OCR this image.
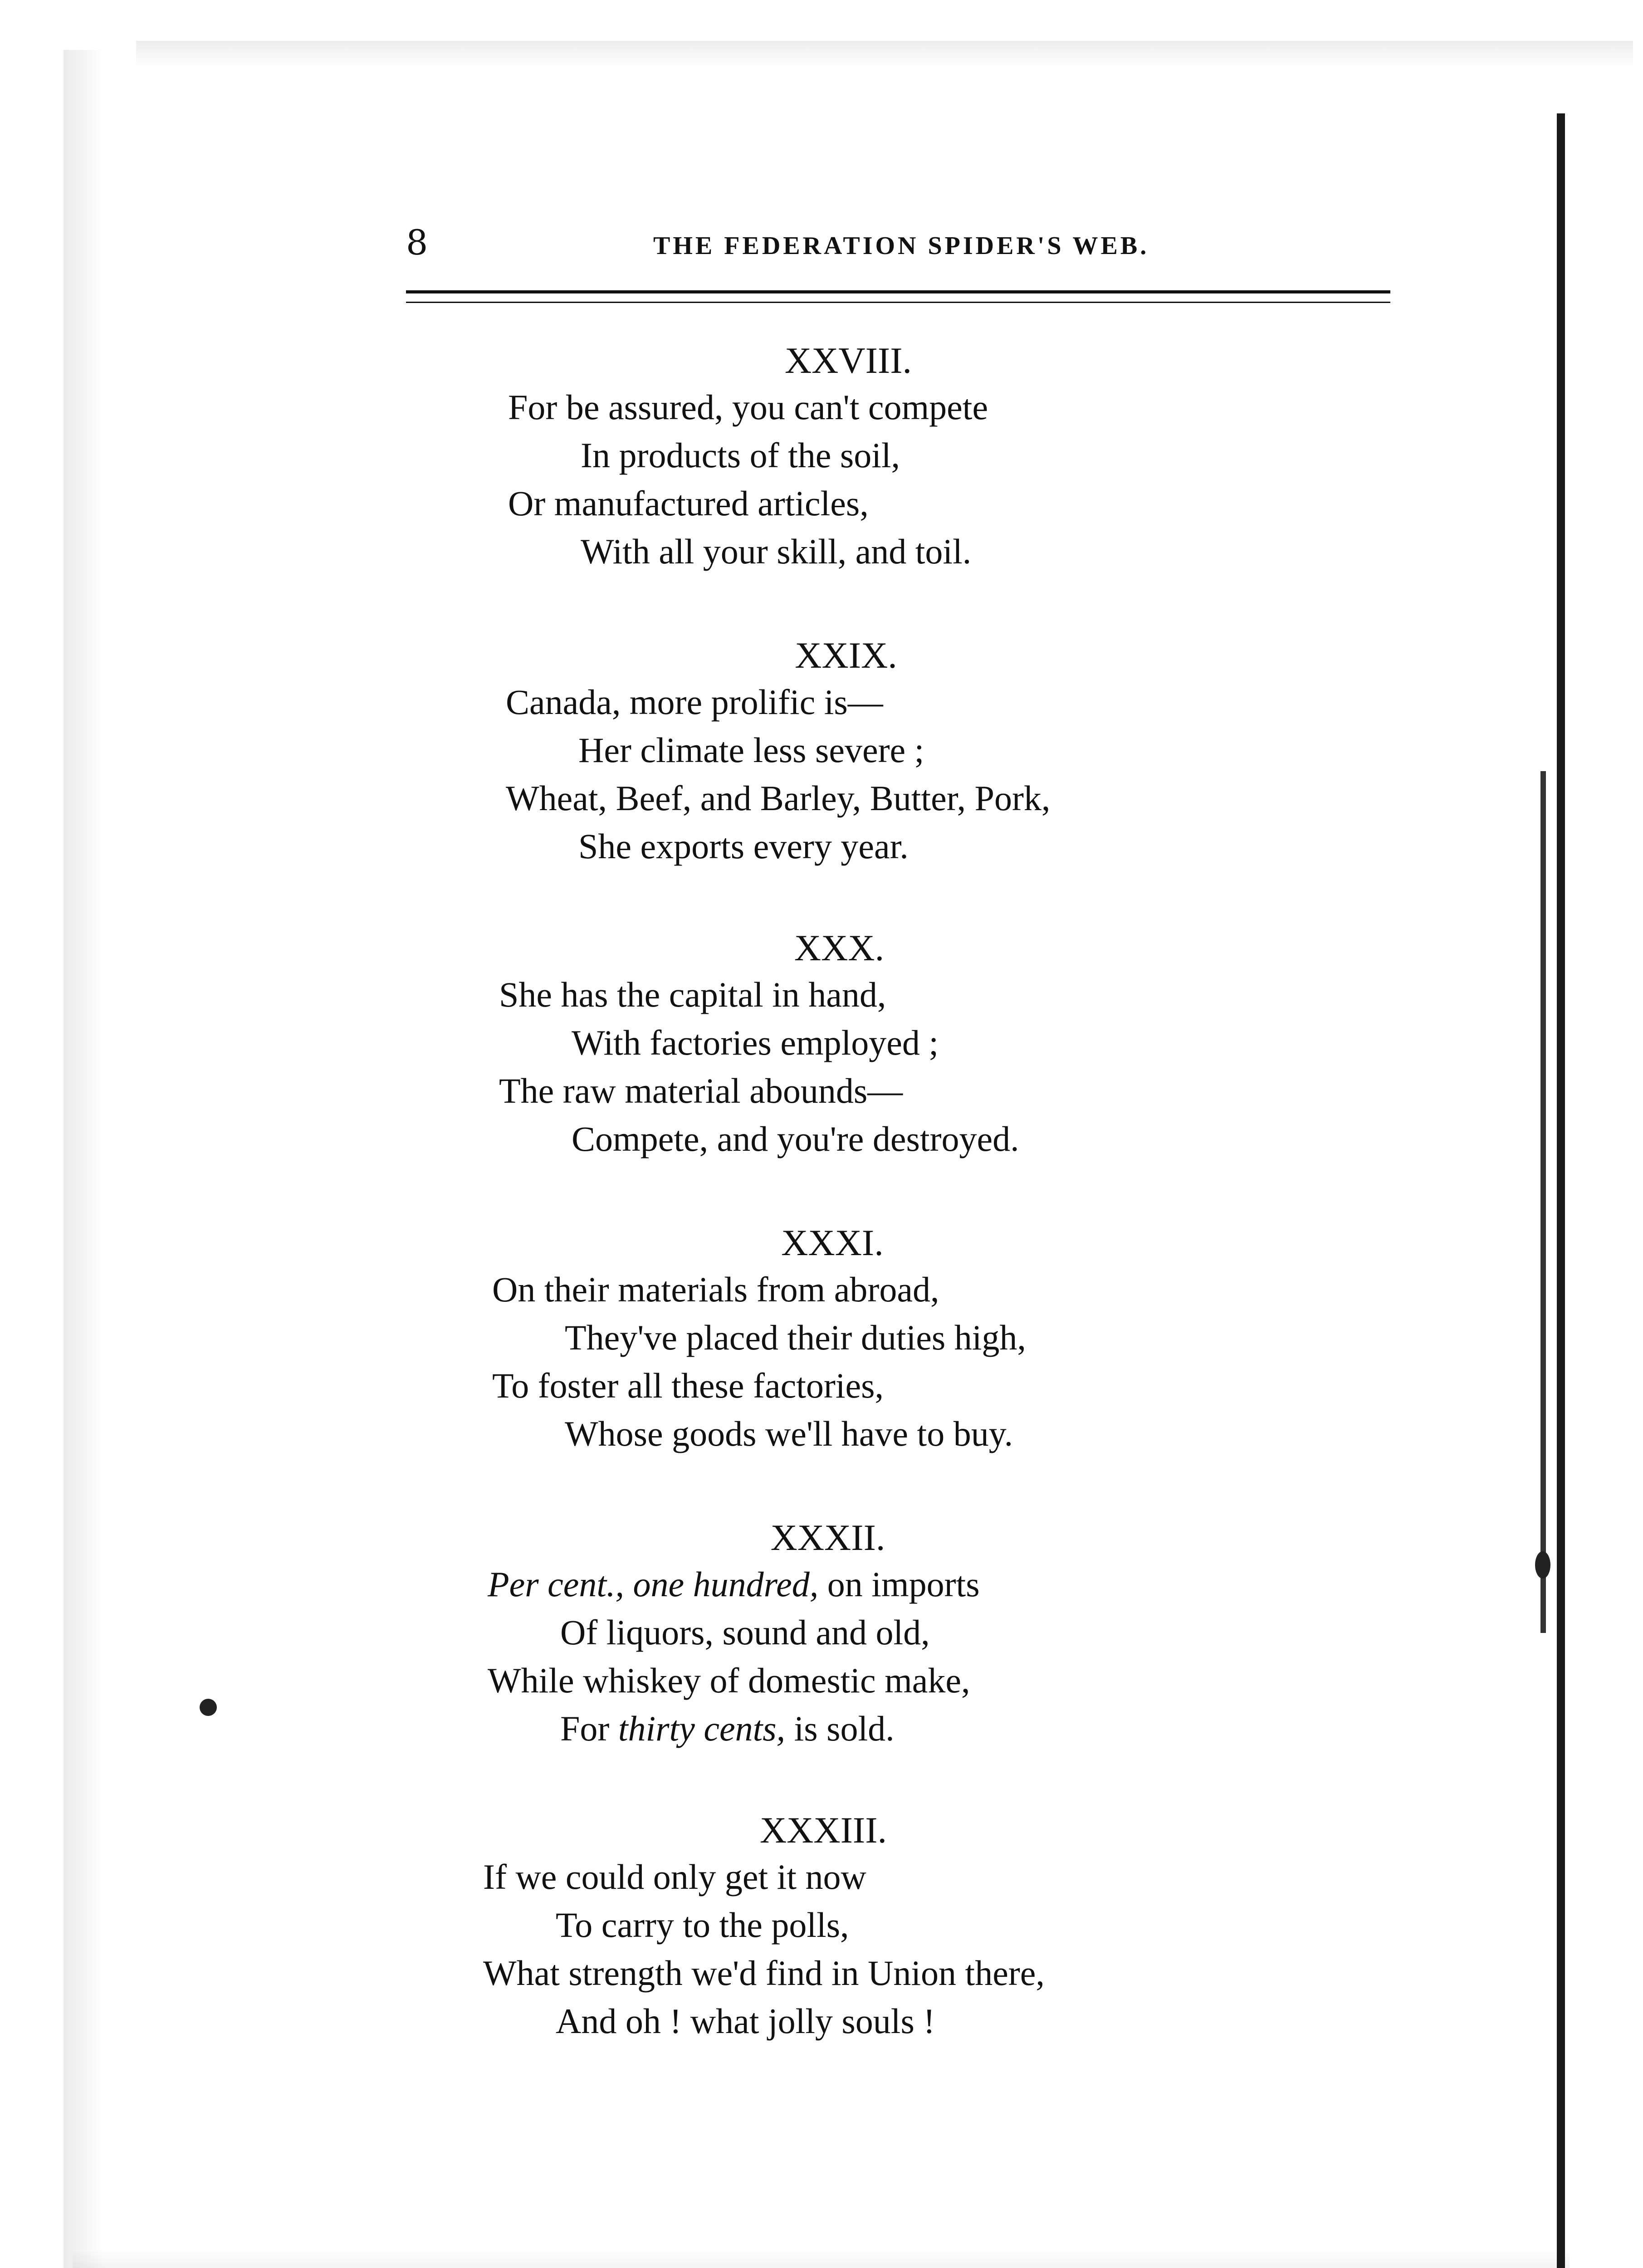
8	THE FEDERATION SPIDER'S WEB.
XXVIII.
For be assured, you can't compete
In products of the soil,
Or manufactured articles,
With all your skill, and toil.
XXIX.
Canada, more prolific is—
Her climate less severe ;
Wheat, Beef, and Barley, Butter, Pork,
She exports every year.
XXX.
She has the capital in hand,
With factories employed ;
The raw material abounds—
Compete, and you're destroyed.
XXXI.
On their materials from abroad,
They've placed their duties high,
To foster all these factories,
Whose goods we'll have to buy.
XXXII.
Per cent., one hundred, on imports
Of liquors, sound and old,
While whiskey of domestic make,
For thirty cents, is sold.
XXXIII.
If we could only get it now
To carry to the polls,
What strength we'd find in Union there,
And oh ! what jolly souls !
